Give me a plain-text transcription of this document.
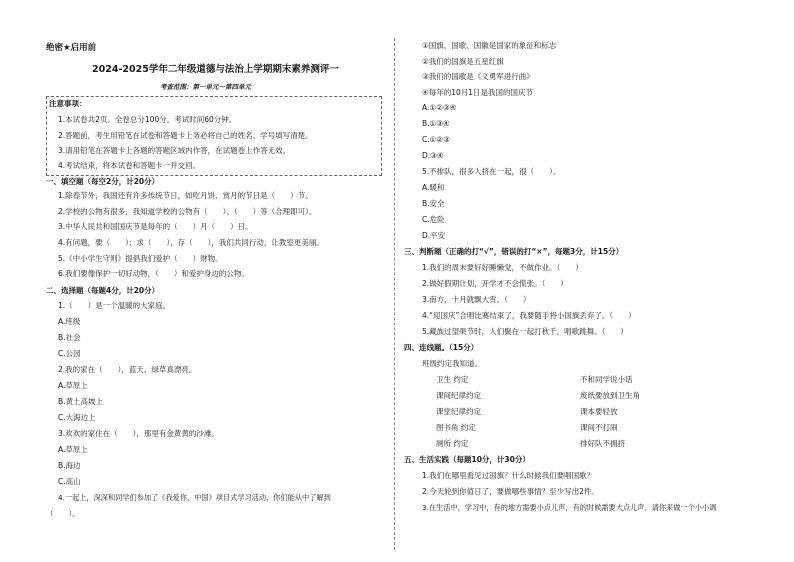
绝密★启用前
2024-2025学年二年级道德与法治上学期期末素养测评一
考查范围：第一单元～第四单元
注意事项：
1.本试卷共2页。全卷总分100分，考试时间60分钟。
2.答题前，考生用铅笔在试卷和答题卡上务必将自己的姓名、学号填写清楚。
3.请用铅笔在答题卡上各题的答题区域内作答，在试题卷上作答无效。
4.考试结束，将本试卷和答题卡一并交回。
一、填空题（每空2分，计20分）
1.除春节外，我国还有许多传统节日，如吃月饼、赏月的节日是（　　）节。
2.学校的公物有很多，我知道学校的公物有（　　）、（　　）等（合理即可）。
3.中华人民共和国国庆节是每年的（　　）月（　　）日。
4.有问题，要（　　）；求（　　），存（　　），我们共同行动，让教室更美丽。
5.《中小学生守则》提倡我们爱护（　　）财物。
6.我们要像保护一切好动物，（　　）和爱护身边的公物。
二、选择题（每题4分，计20分）
1.（　　）是一个温暖的大家庭。
A.班级
B.社会
C.公园
2.我的家在（　　），蓝天、绿草真漂亮。
A.草原上
B.黄土高坡上
C.大海边上
3.欢欢的家住在（　　），那里有金黄黄的沙滩。
A.草原上
B.海边
C.高山
4.一起上，深深和同学们参加了《我爱你，中国》项目式学习活动，你们能从中了解到
（　　）。
①国旗、国歌、国徽是国家的象征和标志
②我们的国旗是五星红旗
③我们的国歌是《义勇军进行曲》
④每年的10月1日是我国的国庆节
A.①②③④
B.①③④
C.①②③
D.③④
5.不排队，很多人挤在一起，很（　　）。
A.暖和
B.安全
C.危险
D.平安
三、判断题（正确的打“√”，错误的打“×”，每题3分，计15分）
1.我们的周末要好好睡懒觉，不做作业。（　　）
2.做好假期计划，开学才不会慌张。（　　）
3.南方，十月就飘大雪。（　　）
4.“迎国庆”合唱比赛结束了，我要随手将小国旗丢弃了。（　　）
5.藏族过望果节时，人们聚在一起打秋千，唱歌跳舞。（　　）
四、连线题。（15分）
班级约定我知道。
卫生 约定
课间纪律约定
课堂纪律约定
图书角 约定
厕所 约定
不和同学说小话
废纸要放到卫生角
课本要轻放
课间不打闹
排好队不拥挤
五、生活实践（每题10分，计30分）
1.我们在哪里看见过国旗？什么时候我们要唱国歌？
2.今天轮到你值日了，要做哪些事情？至少写出2件。
3.在生活中，学习中，有的地方需要小点儿声，有的时候需要大点儿声。请你来做一个小小调
